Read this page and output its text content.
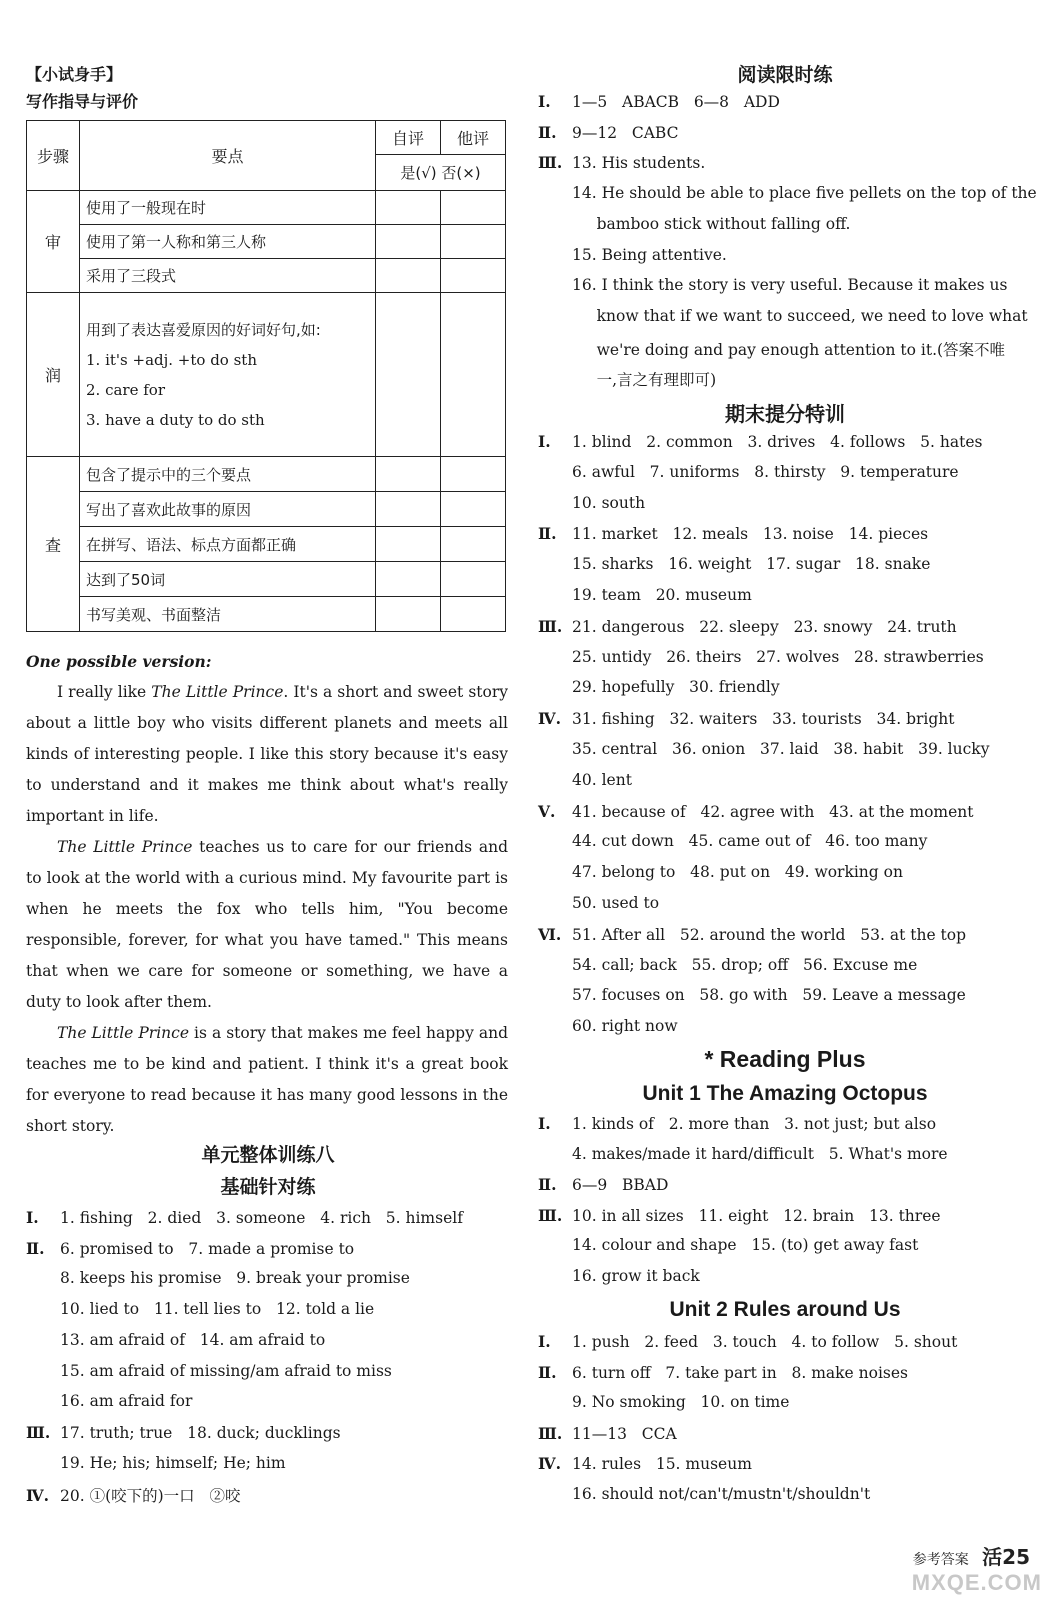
【小试身手】
写作指导与评价
步骤	要点	自评	他评
		是(√) 否(×)	
审	使用了一般现在时		
	使用了第一人称和第三人称		
	采用了三段式		
润	用到了表达喜爱原因的好词好句,如:
1. it's +adj. +to do sth
2. care for
3. have a duty to do sth		

查	包含了提示中的三个要点		
	写出了喜欢此故事的原因		
	在拼写、语法、标点方面都正确		
	达到了50词		
	书写美观、书面整洁		
One possible version:

I really like The Little Prince. It's a short and sweet story about a little boy who visits different planets and meets all kinds of interesting people. I like this story because it's easy to understand and it makes me think about what's really important in life.

The Little Prince teaches us to care for our friends and to look at the world with a curious mind. My favourite part is when he meets the fox who tells him, "You become responsible, forever, for what you have tamed." This means that when we care for someone or something, we have a duty to look after them.

The Little Prince is a story that makes me feel happy and teaches me to be kind and patient. I think it's a great book for everyone to read because it has many good lessons in the short story.

单元整体训练八
基础针对练
Ⅰ. 1. fishing   2. died   3. someone   4. rich   5. himself
Ⅱ. 6. promised to   7. made a promise to
8. keeps his promise   9. break your promise
10. lied to   11. tell lies to   12. told a lie
13. am afraid of   14. am afraid to
15. am afraid of missing/am afraid to miss
16. am afraid for
Ⅲ. 17. truth; true   18. duck; ducklings
19. He; his; himself; He; him
Ⅳ. 20. ①(咬下的)一口   ②咬
阅读限时练
Ⅰ. 1—5   ABACB   6—8   ADD
Ⅱ. 9—12   CABC
Ⅲ. 13. His students.
14. He should be able to place five pellets on the top of the
bamboo stick without falling off.
15. Being attentive.
16. I think the story is very useful. Because it makes us
know that if we want to succeed, we need to love what
we're doing and pay enough attention to it.(答案不唯
一,言之有理即可)
期末提分特训
Ⅰ. 1. blind   2. common   3. drives   4. follows   5. hates
6. awful   7. uniforms   8. thirsty   9. temperature
10. south
Ⅱ. 11. market   12. meals   13. noise   14. pieces
15. sharks   16. weight   17. sugar   18. snake
19. team   20. museum
Ⅲ. 21. dangerous   22. sleepy   23. snowy   24. truth
25. untidy   26. theirs   27. wolves   28. strawberries
29. hopefully   30. friendly
Ⅳ. 31. fishing   32. waiters   33. tourists   34. bright
35. central   36. onion   37. laid   38. habit   39. lucky
40. lent
Ⅴ. 41. because of   42. agree with   43. at the moment
44. cut down   45. came out of   46. too many
47. belong to   48. put on   49. working on
50. used to
Ⅵ. 51. After all   52. around the world   53. at the top
54. call; back   55. drop; off   56. Excuse me
57. focuses on   58. go with   59. Leave a message
60. right now
* Reading Plus
Unit 1 The Amazing Octopus
Ⅰ. 1. kinds of   2. more than   3. not just; but also
4. makes/made it hard/difficult   5. What's more
Ⅱ. 6—9   BBAD
Ⅲ. 10. in all sizes   11. eight   12. brain   13. three
14. colour and shape   15. (to) get away fast
16. grow it back
Unit 2 Rules around Us
Ⅰ. 1. push   2. feed   3. touch   4. to follow   5. shout
Ⅱ. 6. turn off   7. take part in   8. make noises
9. No smoking   10. on time
Ⅲ. 11—13   CCA
Ⅳ. 14. rules   15. museum
16. should not/can't/mustn't/shouldn't
参考答案 活25
MXQE.COM
